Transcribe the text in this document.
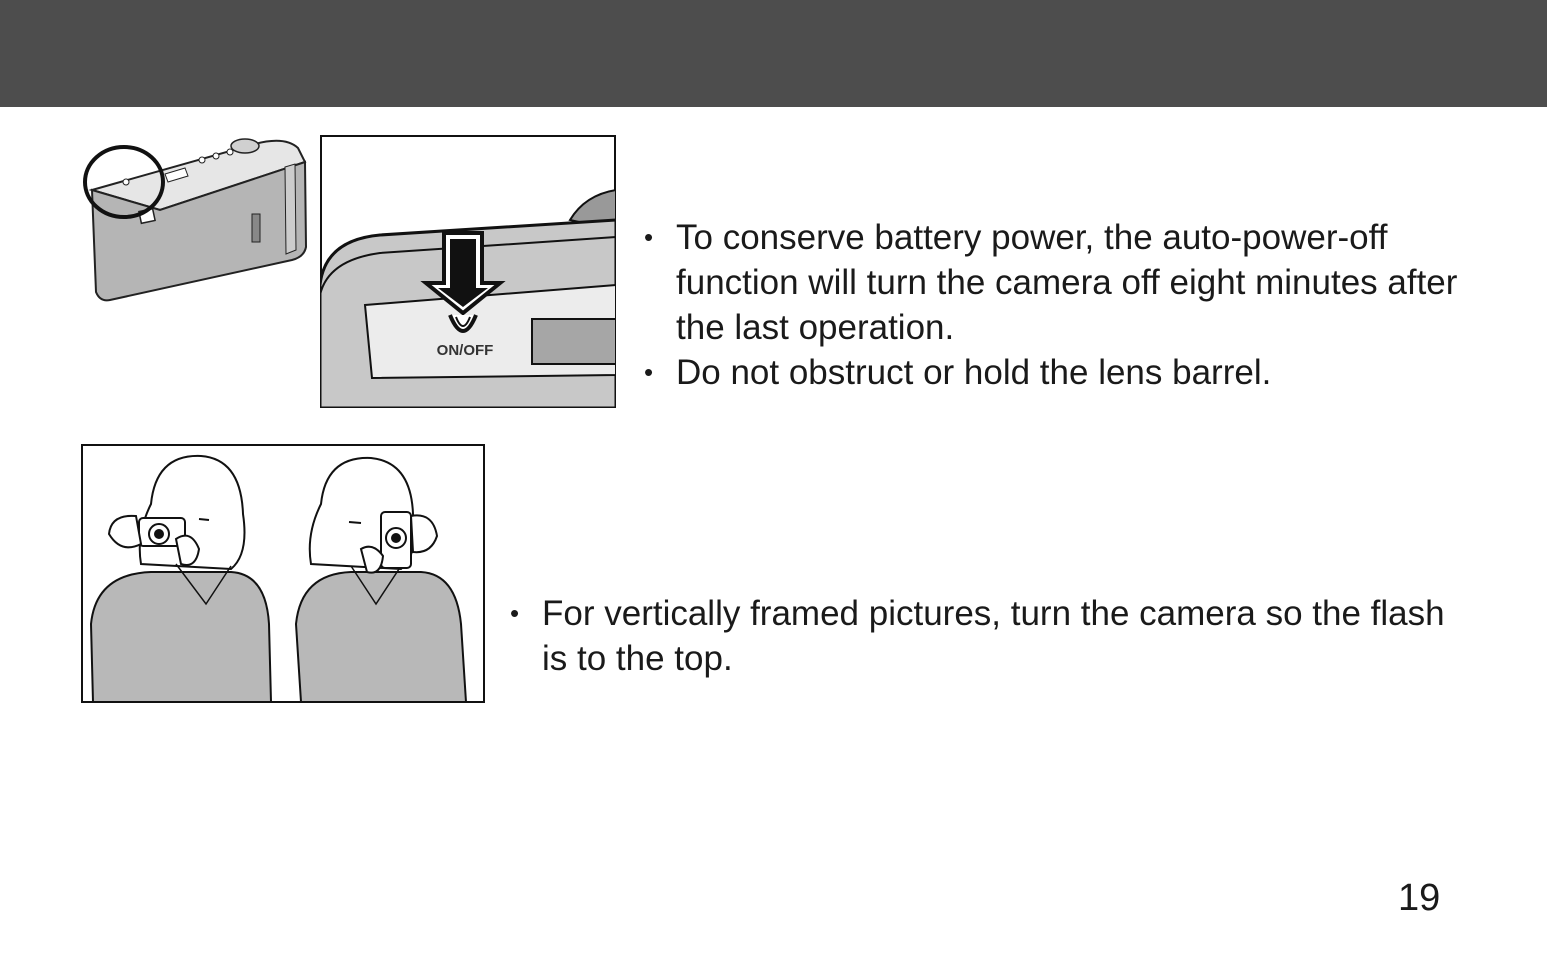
ON/OFF
• To conserve battery power, the auto-power-off function will turn the camera off eight minutes after the last operation.
• Do not obstruct or hold the lens barrel.
• For vertically framed pictures, turn the camera so the flash is to the top.
19
